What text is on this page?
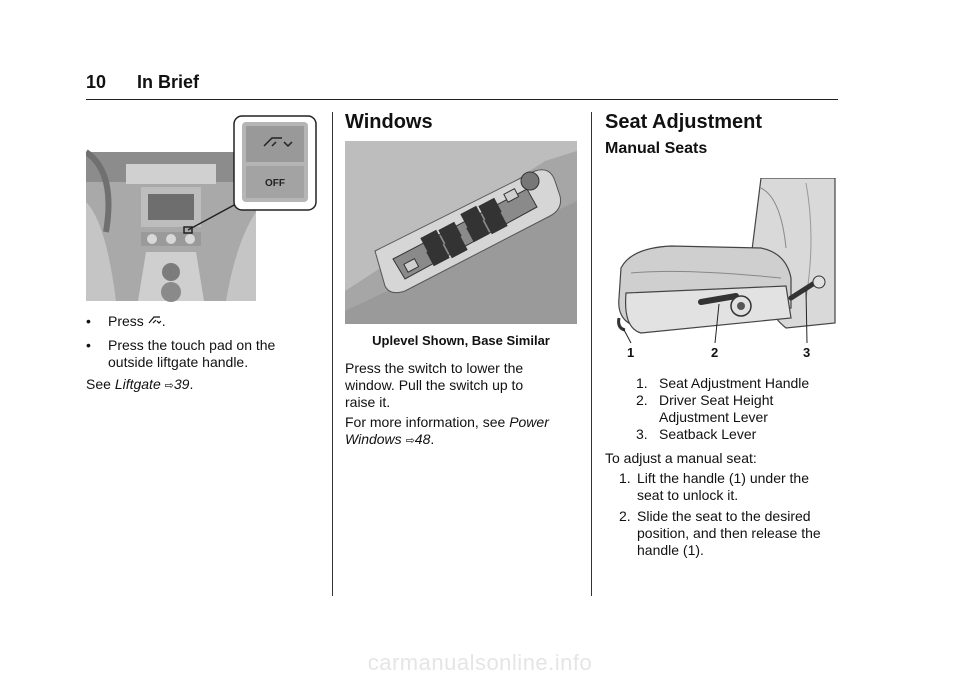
10 In Brief
OFF
• Press .
• Press the touch pad on the
outside liftgate handle.
See Liftgate ⇨39.
Windows
Uplevel Shown, Base Similar
Press the switch to lower the
window. Pull the switch up to
raise it.
For more information, see Power
Windows ⇨48.
Seat Adjustment
Manual Seats
1	2	3
1. Seat Adjustment Handle
2. Driver Seat Height
Adjustment Lever
3. Seatback Lever
To adjust a manual seat:
1. Lift the handle (1) under the
seat to unlock it.
2. Slide the seat to the desired
position, and then release the
handle (1).
carmanualsonline.info
